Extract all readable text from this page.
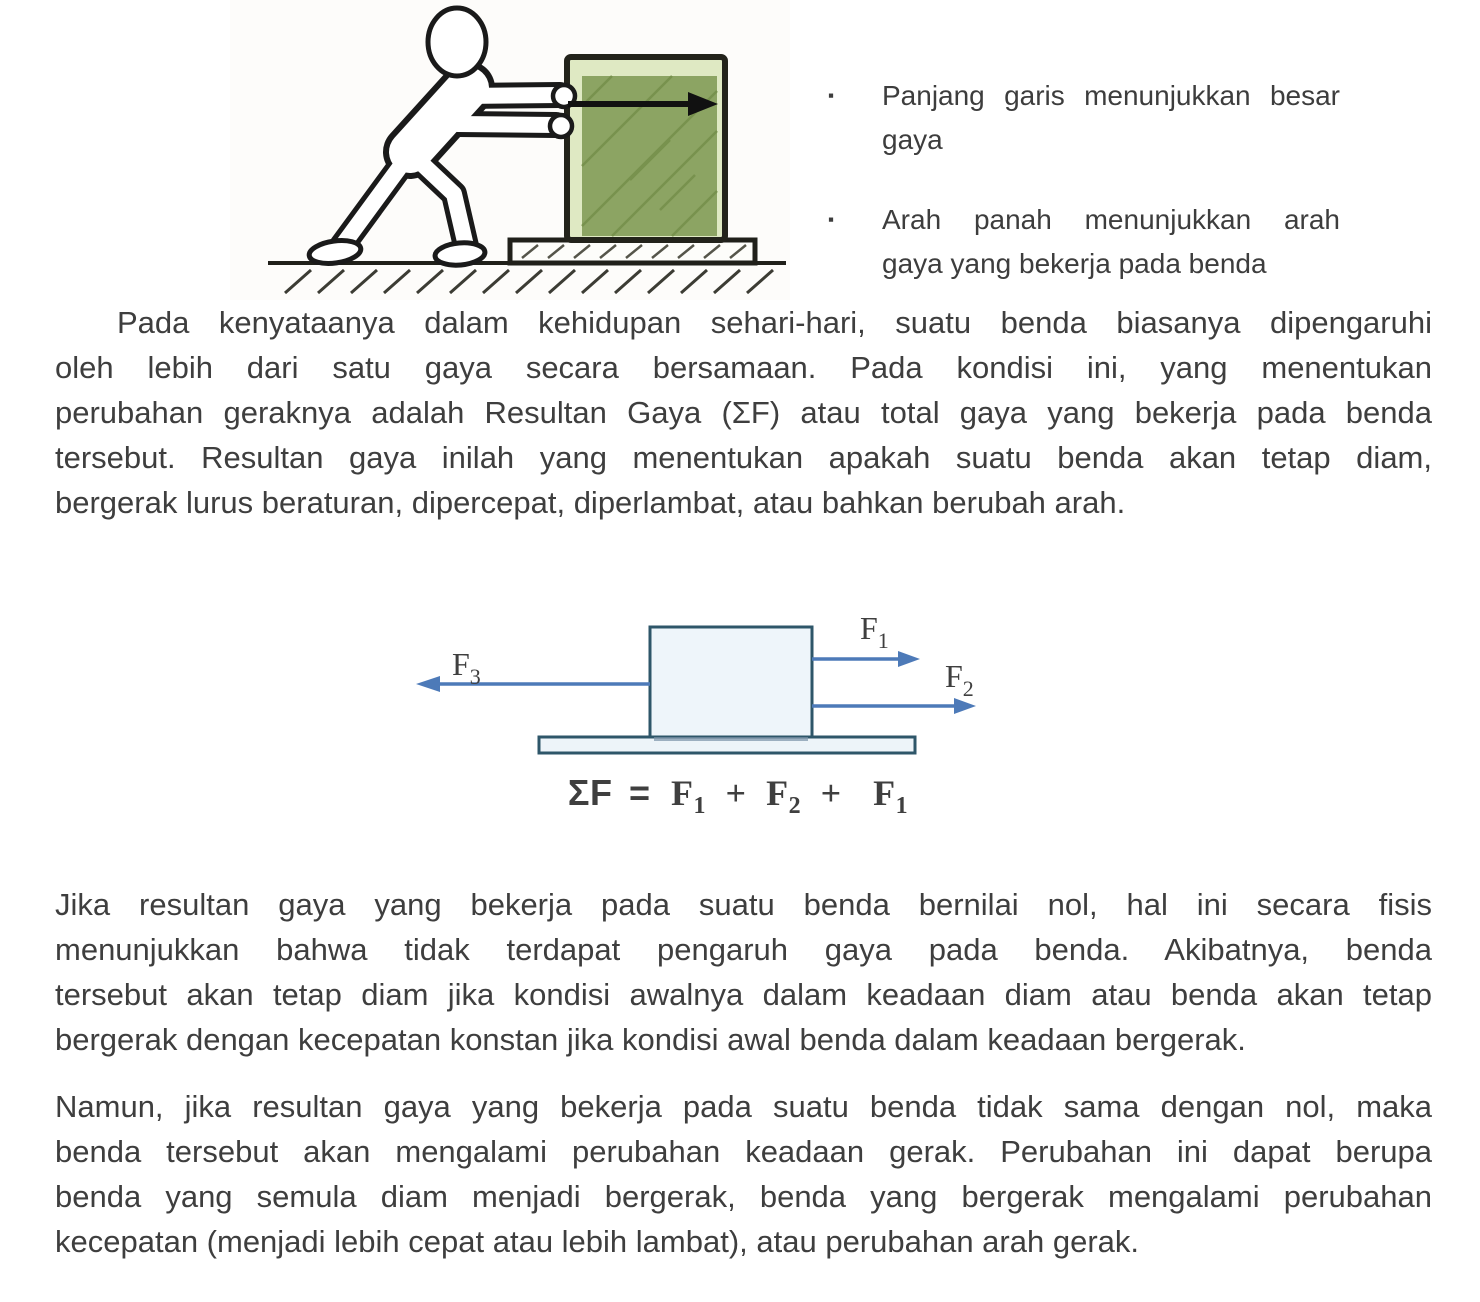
▪	Panjang garis menunjukkan besar
gaya
▪	Arah panah menunjukkan arah
gaya yang bekerja pada benda
Pada kenyataanya dalam kehidupan sehari-hari, suatu benda biasanya dipengaruhi
oleh lebih dari satu gaya secara bersamaan. Pada kondisi ini, yang menentukan
perubahan geraknya adalah Resultan Gaya (ΣF) atau total gaya yang bekerja pada benda
tersebut. Resultan gaya inilah yang menentukan apakah suatu benda akan tetap diam,
bergerak lurus beraturan, dipercepat, diperlambat, atau bahkan berubah arah.
$F_3$
$F_1$
$F_2$
$\Sigma F = F_1 + F_2 + F_1$
Jika resultan gaya yang bekerja pada suatu benda bernilai nol, hal ini secara fisis
menunjukkan bahwa tidak terdapat pengaruh gaya pada benda. Akibatnya, benda
tersebut akan tetap diam jika kondisi awalnya dalam keadaan diam atau benda akan tetap
bergerak dengan kecepatan konstan jika kondisi awal benda dalam keadaan bergerak.
Namun, jika resultan gaya yang bekerja pada suatu benda tidak sama dengan nol, maka
benda tersebut akan mengalami perubahan keadaan gerak. Perubahan ini dapat berupa
benda yang semula diam menjadi bergerak, benda yang bergerak mengalami perubahan
kecepatan (menjadi lebih cepat atau lebih lambat), atau perubahan arah gerak.
